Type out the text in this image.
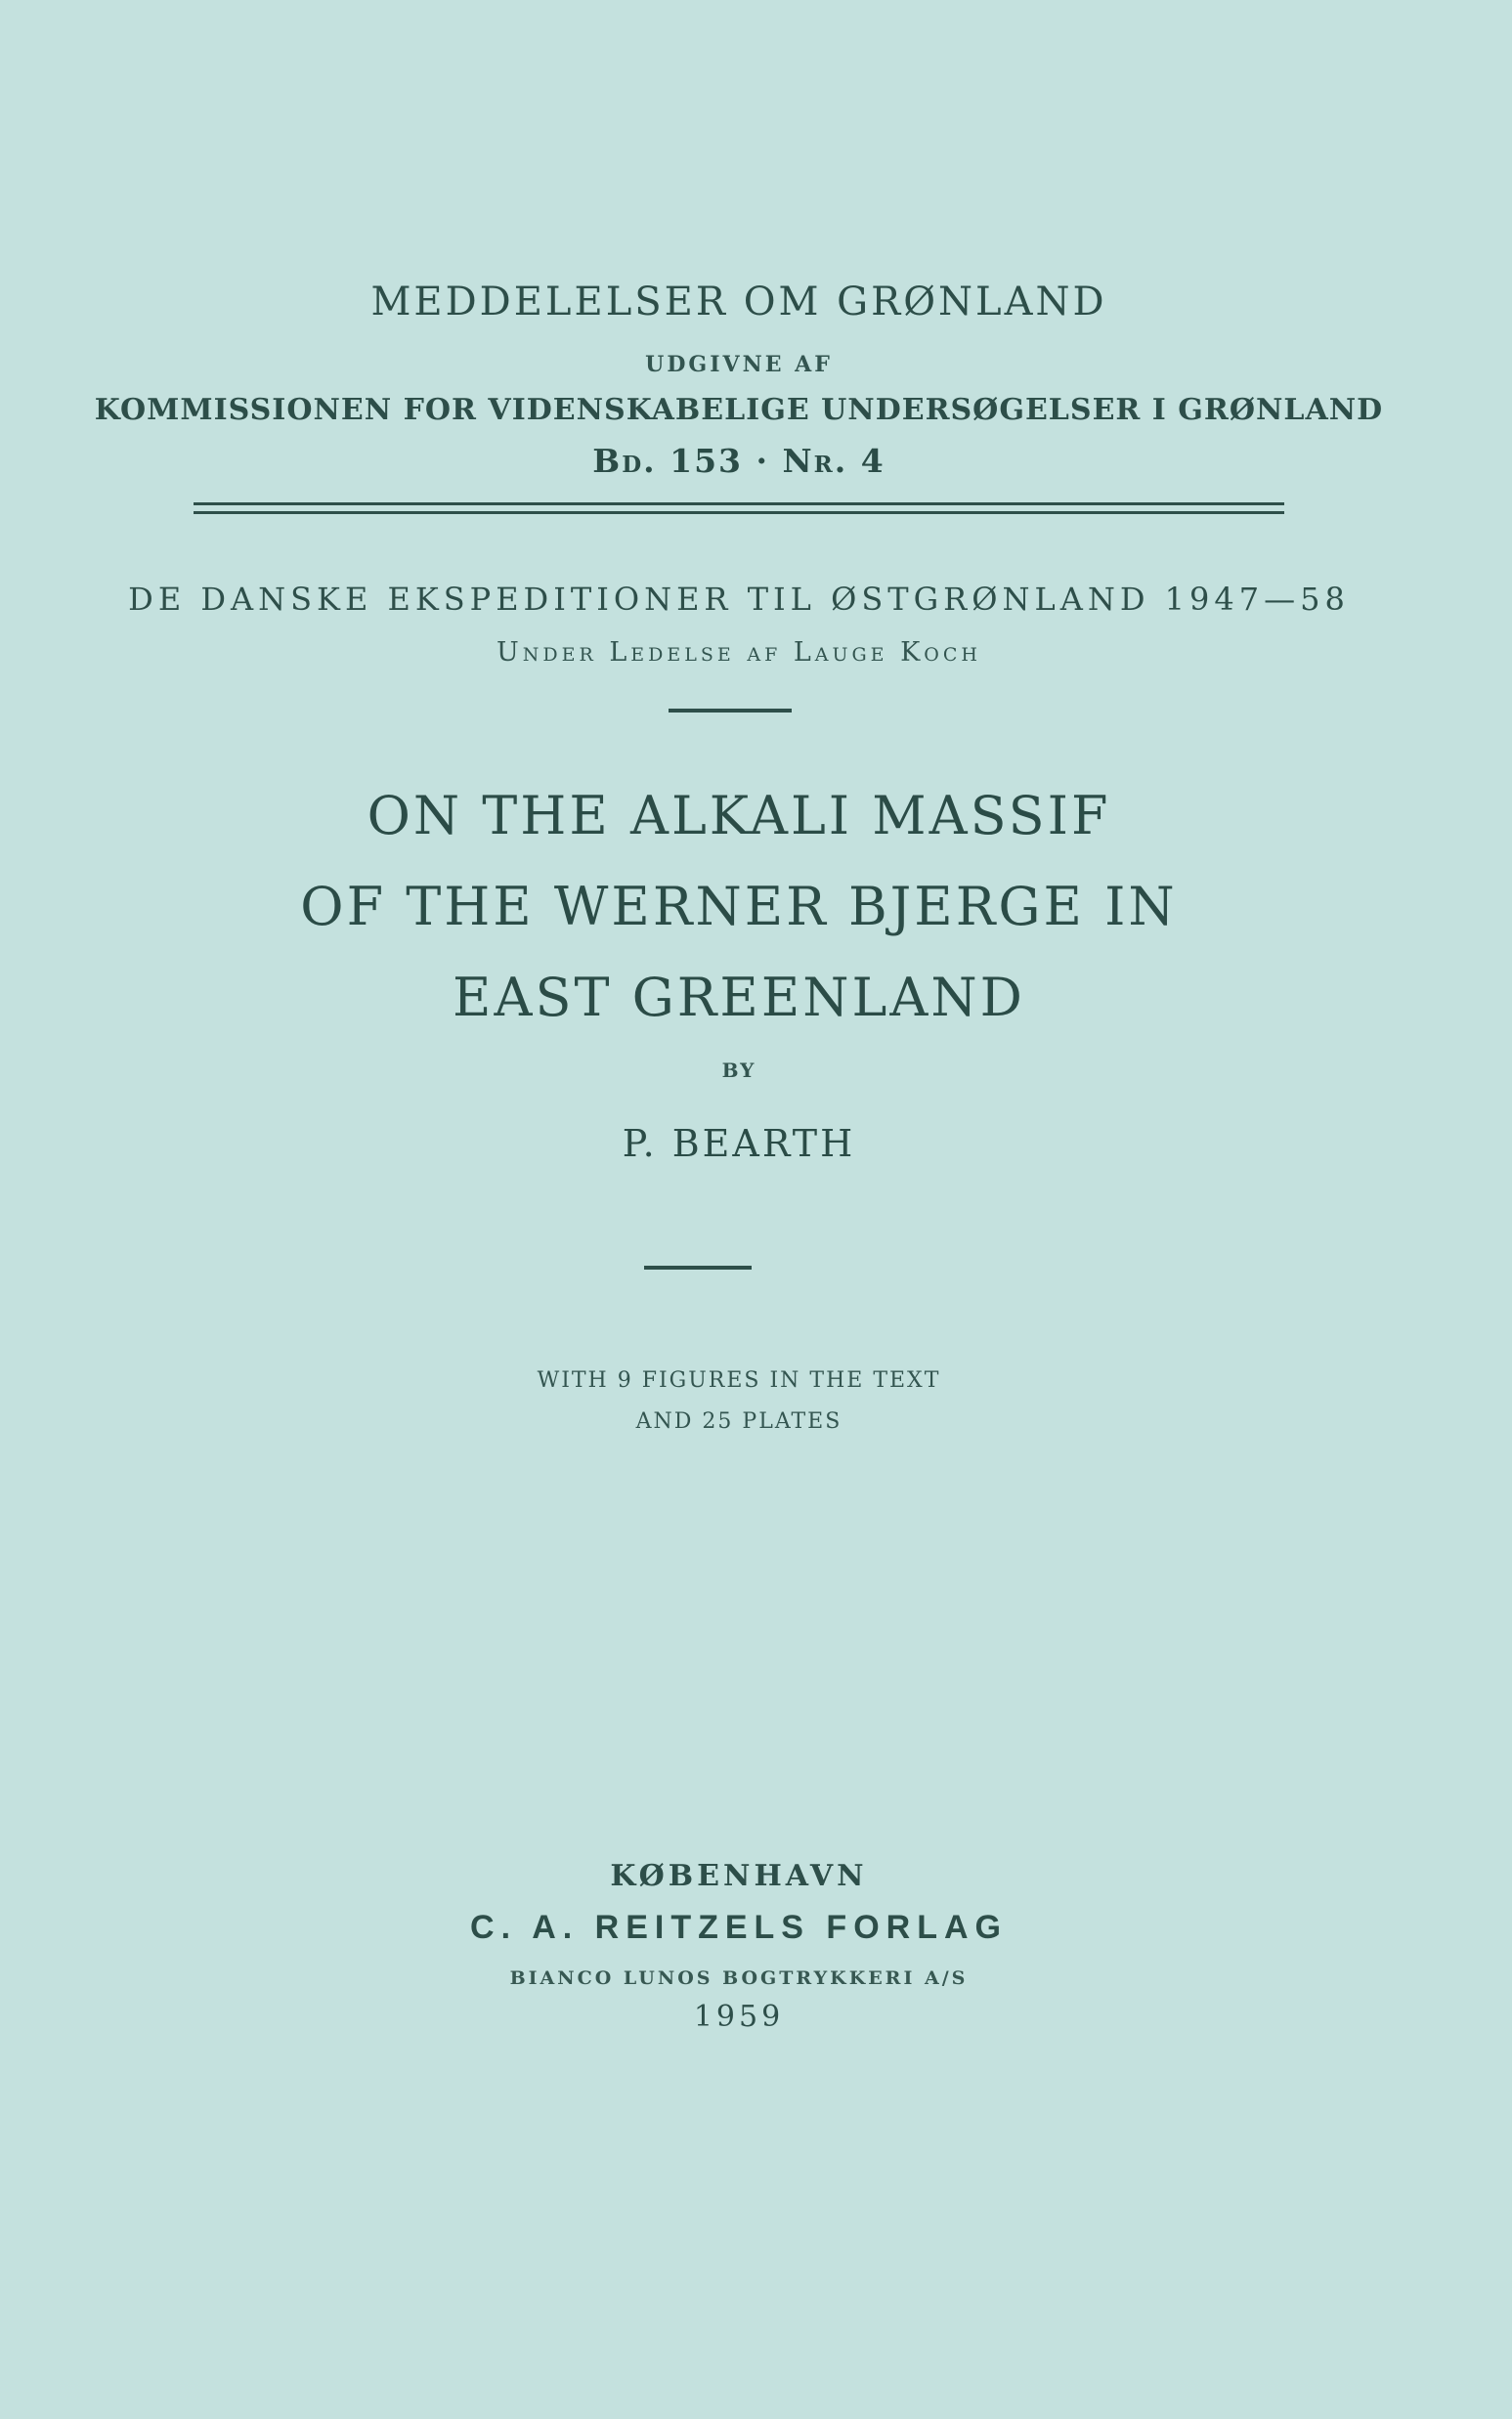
MEDDELELSER OM GRØNLAND
UDGIVNE AF
KOMMISSIONEN FOR VIDENSKABELIGE UNDERSØGELSER I GRØNLAND
Bd. 153 · Nr. 4
DE DANSKE EKSPEDITIONER TIL ØSTGRØNLAND 1947—58
Under Ledelse af Lauge Koch
ON THE ALKALI MASSIF
OF THE WERNER BJERGE IN
EAST GREENLAND
BY
P. BEARTH
WITH 9 FIGURES IN THE TEXT
AND 25 PLATES
KØBENHAVN
C. A. REITZELS FORLAG
BIANCO LUNOS BOGTRYKKERI A/S
1959
